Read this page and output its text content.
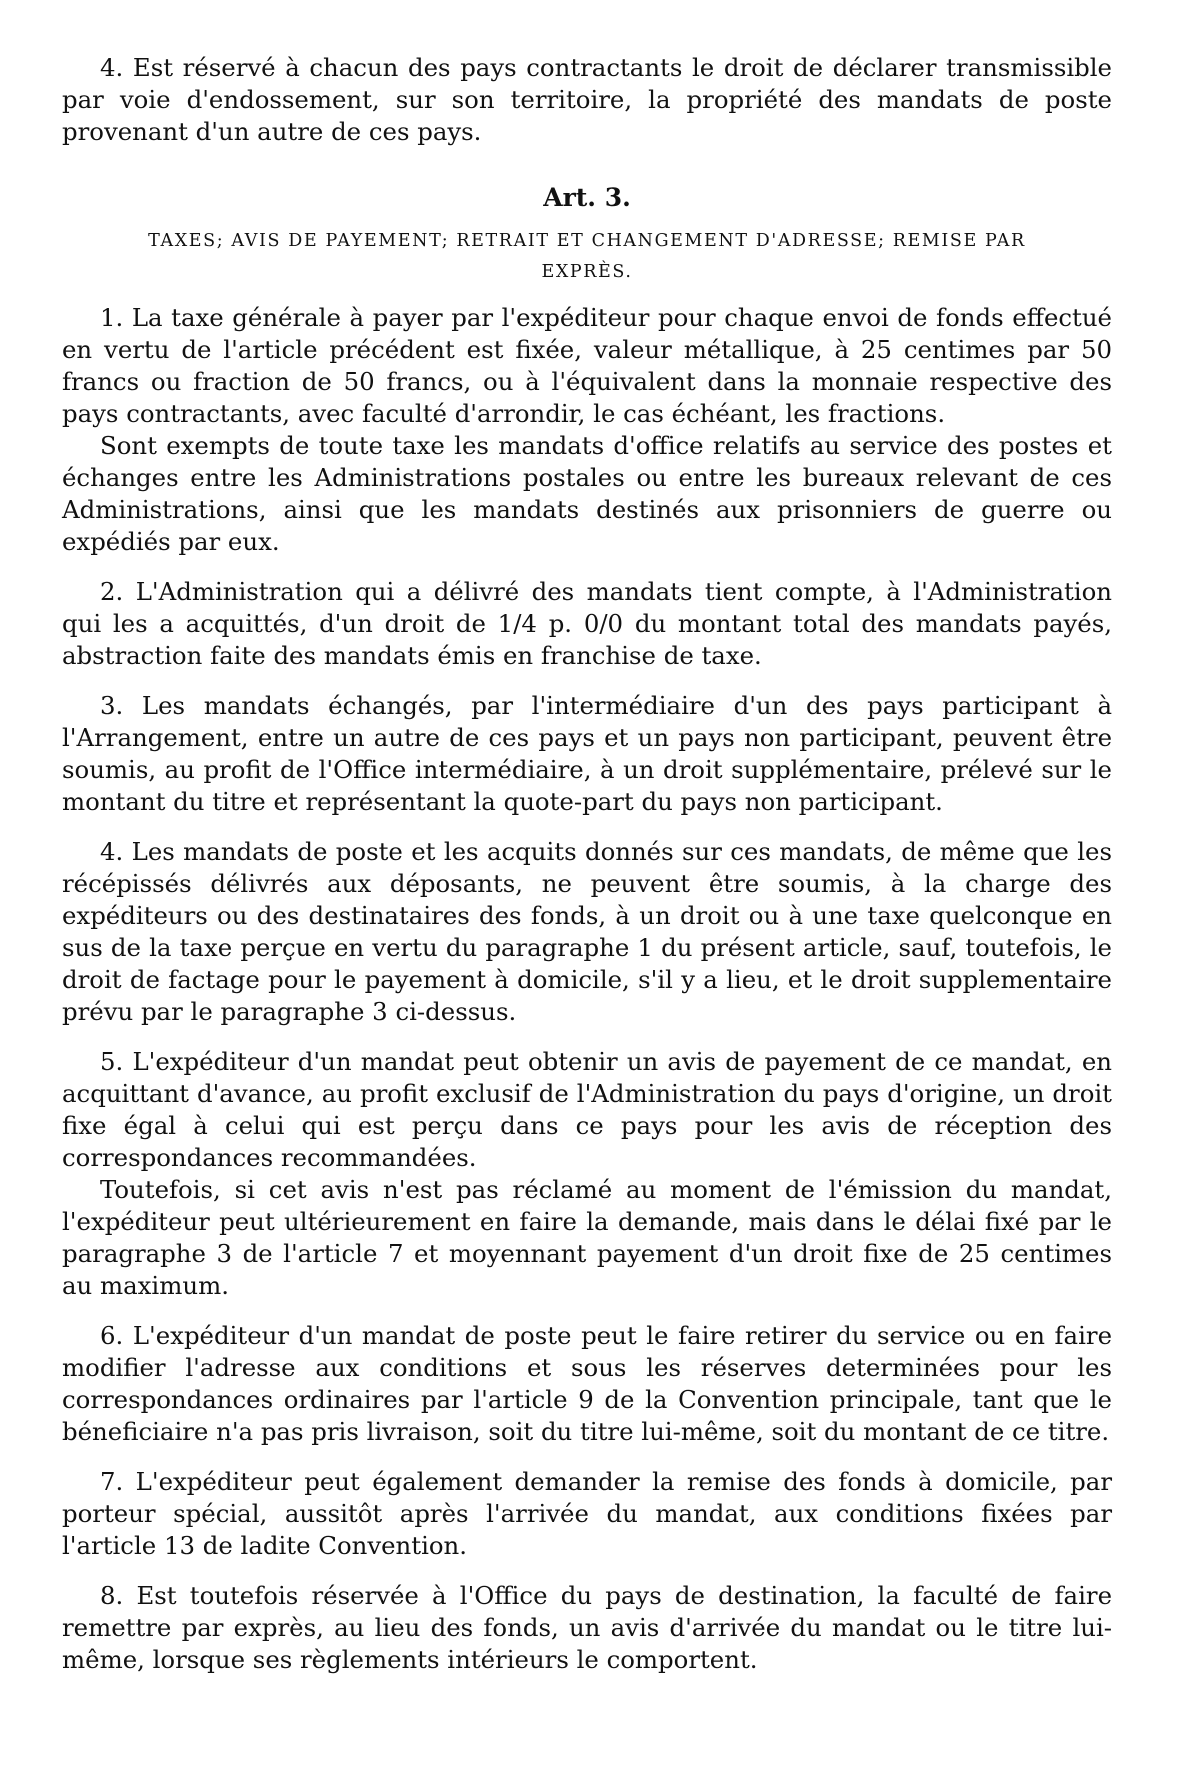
4. Est réservé à chacun des pays contractants le droit de déclarer transmissible par voie d'endossement, sur son territoire, la propriété des mandats de poste provenant d'un autre de ces pays.

Art. 3.
TAXES; AVIS DE PAYEMENT; RETRAIT ET CHANGEMENT D'ADRESSE; REMISE PAR EXPRÈS.

1. La taxe générale à payer par l'expéditeur pour chaque envoi de fonds effectué en vertu de l'article précédent est fixée, valeur métallique, à 25 centimes par 50 francs ou fraction de 50 francs, ou à l'équivalent dans la monnaie respective des pays contractants, avec faculté d'arrondir, le cas échéant, les fractions.

Sont exempts de toute taxe les mandats d'office relatifs au service des postes et échanges entre les Administrations postales ou entre les bureaux relevant de ces Administrations, ainsi que les mandats destinés aux prisonniers de guerre ou expédiés par eux.

2. L'Administration qui a délivré des mandats tient compte, à l'Administration qui les a acquittés, d'un droit de 1/4 p. 0/0 du montant total des mandats payés, abstraction faite des mandats émis en franchise de taxe.

3. Les mandats échangés, par l'intermédiaire d'un des pays participant à l'Arrangement, entre un autre de ces pays et un pays non participant, peuvent être soumis, au profit de l'Office intermédiaire, à un droit supplémentaire, prélevé sur le montant du titre et représentant la quote-part du pays non participant.

4. Les mandats de poste et les acquits donnés sur ces mandats, de même que les récépissés délivrés aux déposants, ne peuvent être soumis, à la charge des expéditeurs ou des destinataires des fonds, à un droit ou à une taxe quelconque en sus de la taxe perçue en vertu du paragraphe 1 du présent article, sauf, toutefois, le droit de factage pour le payement à domicile, s'il y a lieu, et le droit supplementaire prévu par le paragraphe 3 ci-dessus.

5. L'expéditeur d'un mandat peut obtenir un avis de payement de ce mandat, en acquittant d'avance, au profit exclusif de l'Administration du pays d'origine, un droit fixe égal à celui qui est perçu dans ce pays pour les avis de réception des correspondances recommandées.

Toutefois, si cet avis n'est pas réclamé au moment de l'émission du mandat, l'expéditeur peut ultérieurement en faire la demande, mais dans le délai fixé par le paragraphe 3 de l'article 7 et moyennant payement d'un droit fixe de 25 centimes au maximum.

6. L'expéditeur d'un mandat de poste peut le faire retirer du service ou en faire modifier l'adresse aux conditions et sous les réserves determinées pour les correspondances ordinaires par l'article 9 de la Convention principale, tant que le béneficiaire n'a pas pris livraison, soit du titre lui-même, soit du montant de ce titre.

7. L'expéditeur peut également demander la remise des fonds à domicile, par porteur spécial, aussitôt après l'arrivée du mandat, aux conditions fixées par l'article 13 de ladite Convention.

8. Est toutefois réservée à l'Office du pays de destination, la faculté de faire remettre par exprès, au lieu des fonds, un avis d'arrivée du mandat ou le titre lui-même, lorsque ses règlements intérieurs le comportent.
